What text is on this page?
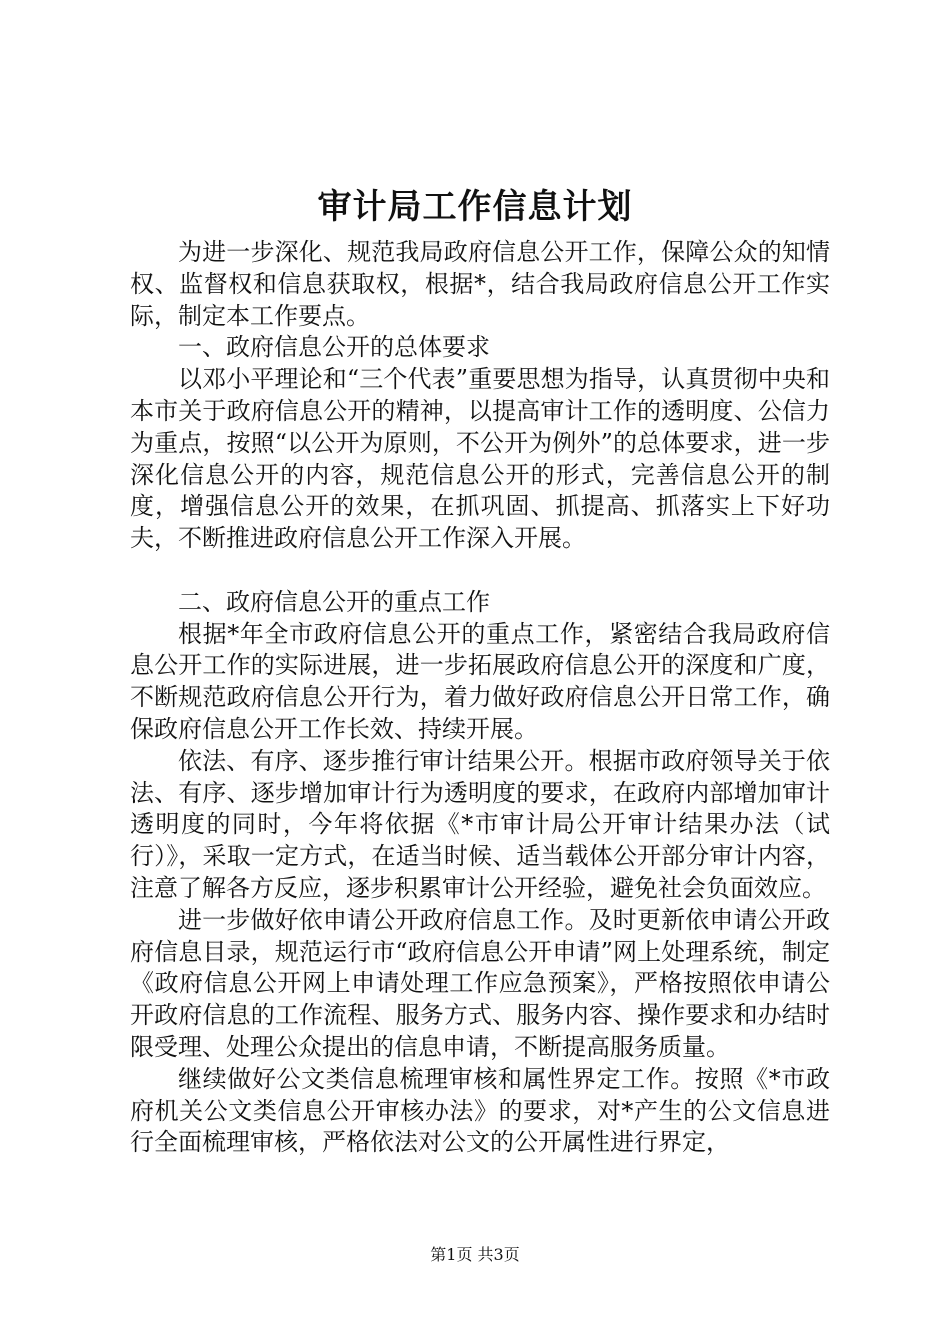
审计局工作信息计划

为进一步深化、规范我局政府信息公开工作，保障公众的知情权、监督权和信息获取权，根据*，结合我局政府信息公开工作实际，制定本工作要点。

一、政府信息公开的总体要求

以邓小平理论和“三个代表”重要思想为指导，认真贯彻中央和本市关于政府信息公开的精神，以提高审计工作的透明度、公信力为重点，按照“以公开为原则，不公开为例外”的总体要求，进一步深化信息公开的内容，规范信息公开的形式，完善信息公开的制度，增强信息公开的效果，在抓巩固、抓提高、抓落实上下好功夫，不断推进政府信息公开工作深入开展。

二、政府信息公开的重点工作

根据*年全市政府信息公开的重点工作，紧密结合我局政府信息公开工作的实际进展，进一步拓展政府信息公开的深度和广度，不断规范政府信息公开行为，着力做好政府信息公开日常工作，确保政府信息公开工作长效、持续开展。

依法、有序、逐步推行审计结果公开。根据市政府领导关于依法、有序、逐步增加审计行为透明度的要求，在政府内部增加审计透明度的同时，今年将依据《*市审计局公开审计结果办法（试行）》，采取一定方式，在适当时候、适当载体公开部分审计内容，注意了解各方反应，逐步积累审计公开经验，避免社会负面效应。

进一步做好依申请公开政府信息工作。及时更新依申请公开政府信息目录，规范运行市“政府信息公开申请”网上处理系统，制定《政府信息公开网上申请处理工作应急预案》，严格按照依申请公开政府信息的工作流程、服务方式、服务内容、操作要求和办结时限受理、处理公众提出的信息申请，不断提高服务质量。

继续做好公文类信息梳理审核和属性界定工作。按照《*市政府机关公文类信息公开审核办法》的要求，对*产生的公文信息进行全面梳理审核，严格依法对公文的公开属性进行界定，

第1页 共3页
